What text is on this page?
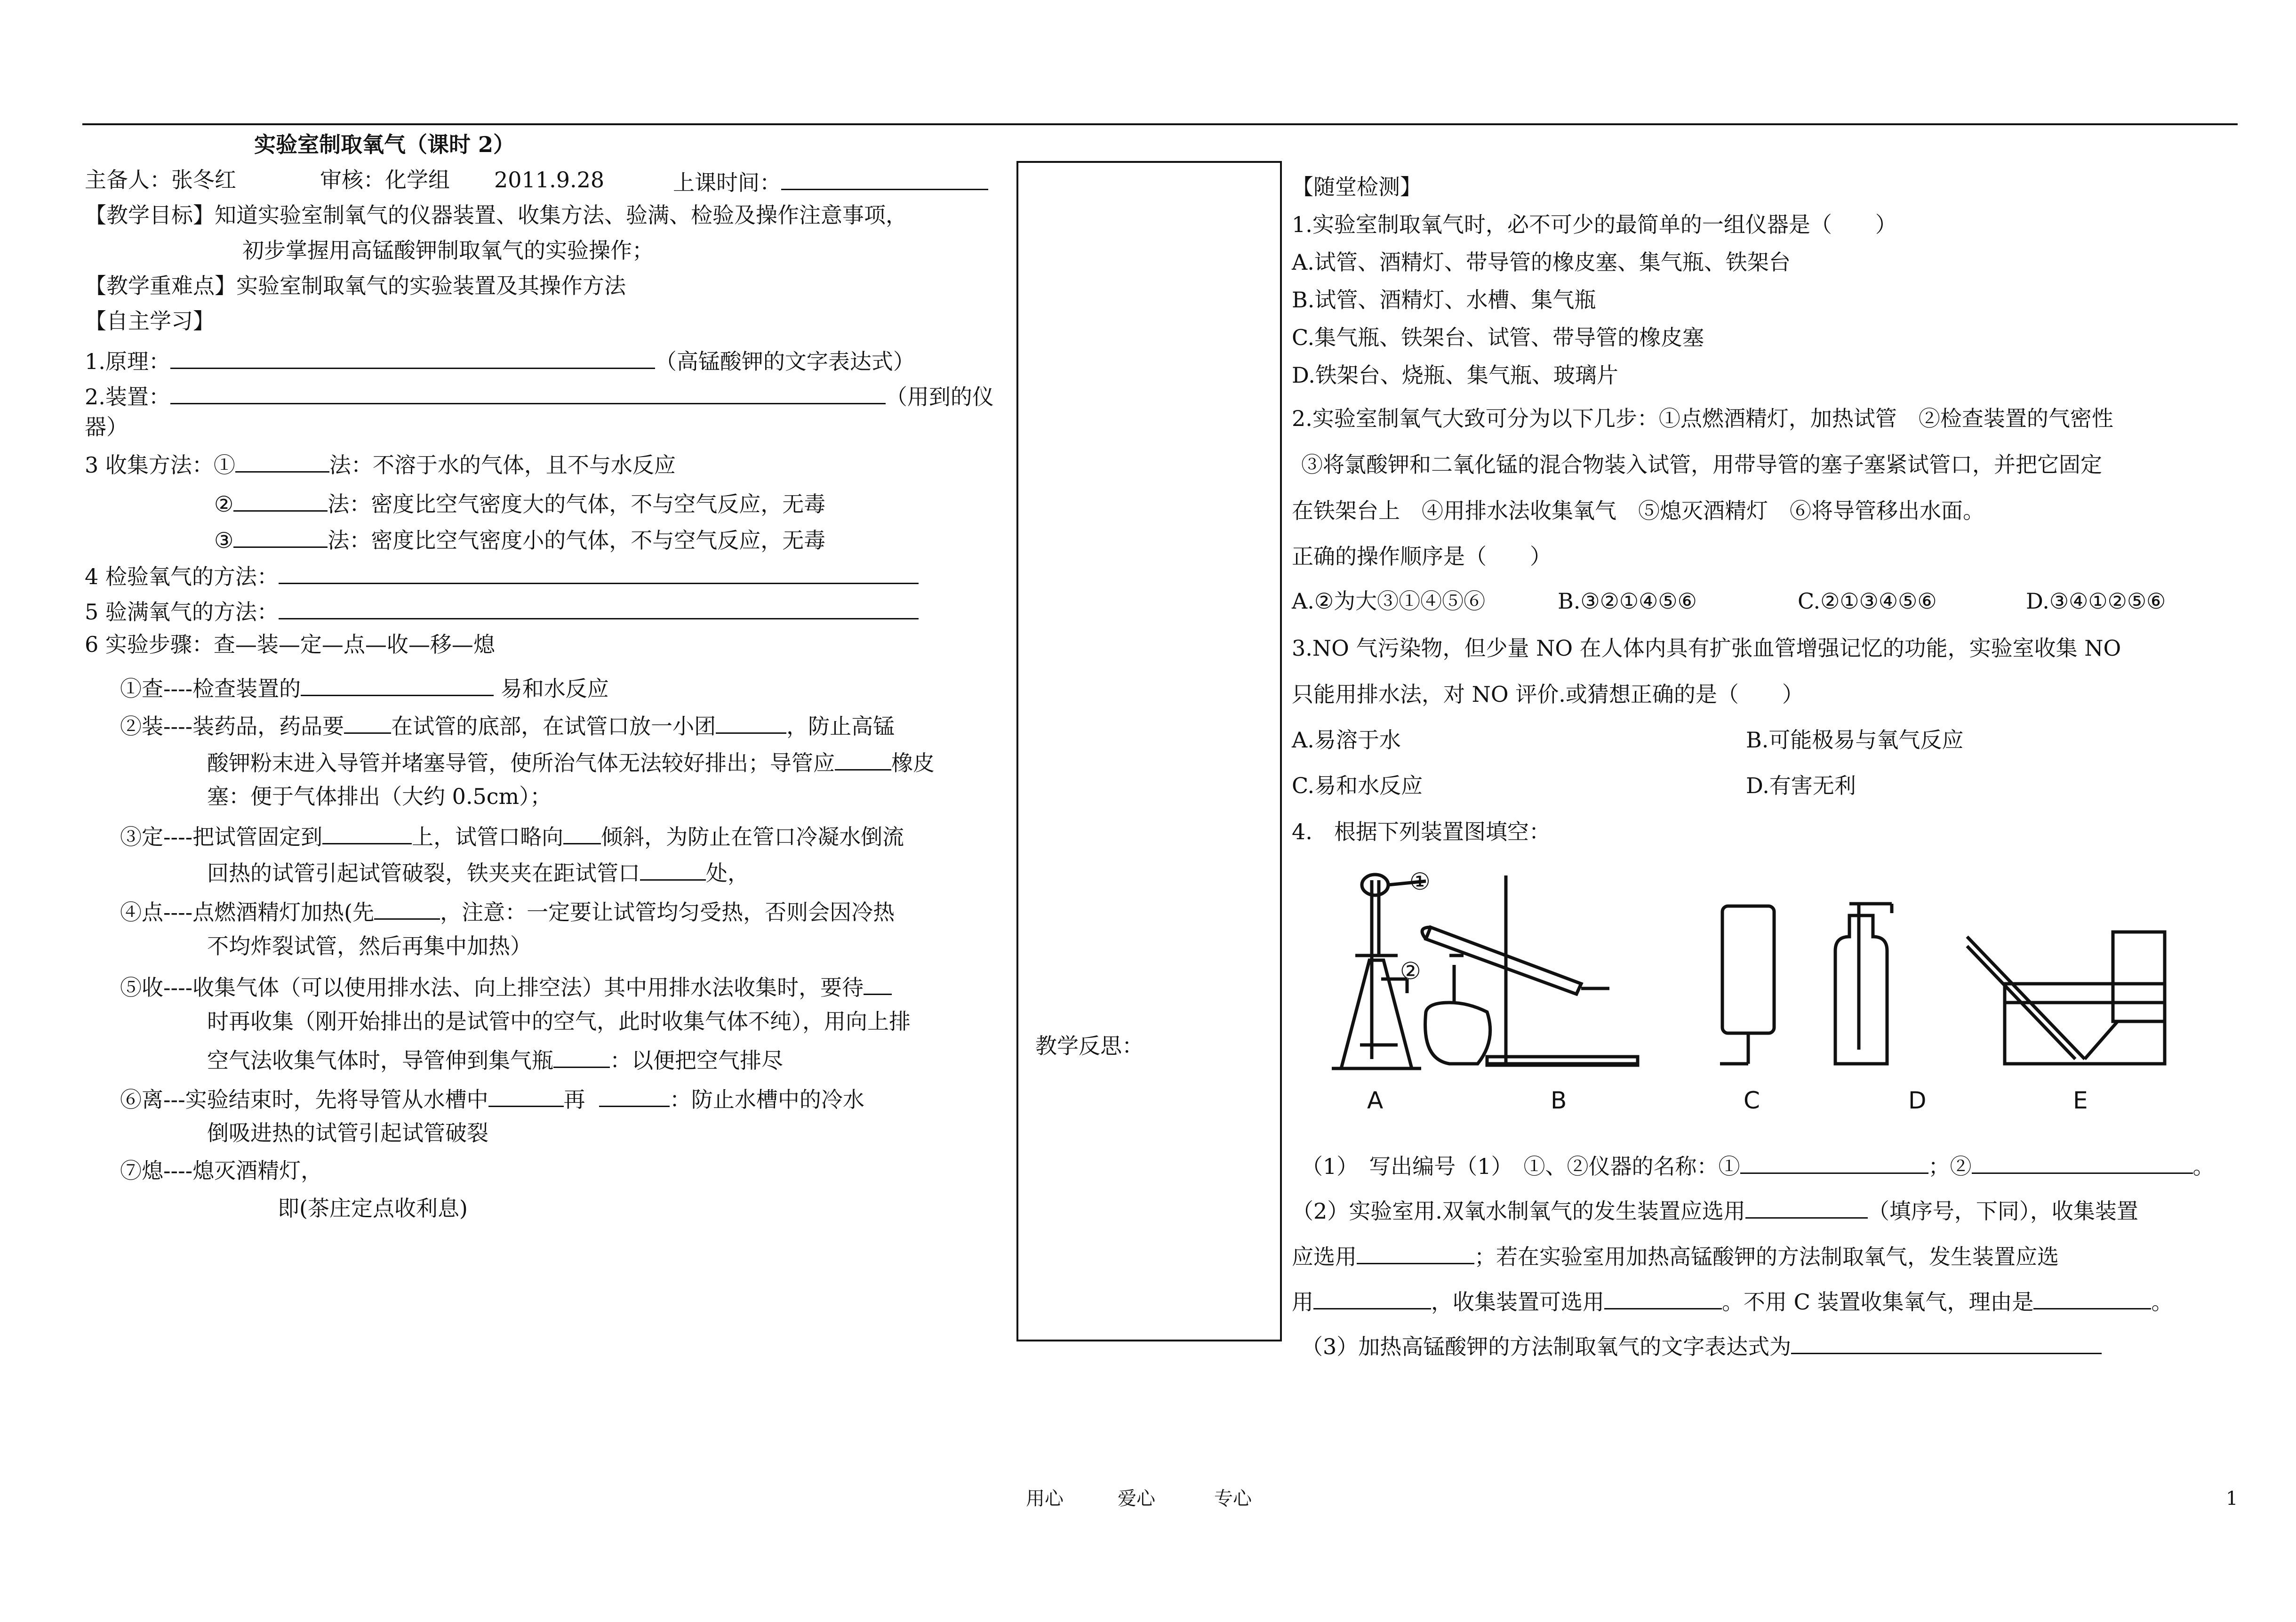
实验室制取氧气（课时 2）
主备人：张冬红	审核：化学组 2011.9.28	上课时间：
【教学目标】知道实验室制氧气的仪器装置、收集方法、验满、检验及操作注意事项，
初步掌握用高锰酸钾制取氧气的实验操作；
【教学重难点】实验室制取氧气的实验装置及其操作方法
【自主学习】
1.原理：	（高锰酸钾的文字表达式）
2.装置：	（用到的仪
器）
3 收集方法：①	法：不溶于水的气体，且不与水反应
②	法：密度比空气密度大的气体，不与空气反应，无毒
③	法：密度比空气密度小的气体，不与空气反应，无毒
4 检验氧气的方法：
5 验满氧气的方法：
6 实验步骤：查—装—定—点—收—移—熄
①查----检查装置的	易和水反应
②装----装药品，药品要 在试管的底部，在试管口放一小团	，防止高锰
酸钾粉末进入导管并堵塞导管，使所治气体无法较好排出；导管应	橡皮
塞：便于气体排出（大约 0.5cm）；
③定----把试管固定到	上，试管口略向 倾斜，为防止在管口冷凝水倒流
回热的试管引起试管破裂，铁夹夹在距试管口	处，
④点----点燃酒精灯加热(先	，注意：一定要让试管均匀受热，否则会因冷热
不均炸裂试管，然后再集中加热）
⑤收----收集气体（可以使用排水法、向上排空法）其中用排水法收集时，要待
时再收集（刚开始排出的是试管中的空气，此时收集气体不纯），用向上排
空气法收集气体时，导管伸到集气瓶	：以便把空气排尽
⑥离---实验结束时，先将导管从水槽中	再	：防止水槽中的冷水
倒吸进热的试管引起试管破裂
⑦熄----熄灭酒精灯，
即(茶庄定点收利息)
教学反思：
【随堂检测】
1.实验室制取氧气时，必不可少的最简单的一组仪器是（　　）
A.试管、酒精灯、带导管的橡皮塞、集气瓶、铁架台
B.试管、酒精灯、水槽、集气瓶
C.集气瓶、铁架台、试管、带导管的橡皮塞
D.铁架台、烧瓶、集气瓶、玻璃片
2.实验室制氧气大致可分为以下几步：①点燃酒精灯，加热试管　②检查装置的气密性
③将氯酸钾和二氧化锰的混合物装入试管，用带导管的塞子塞紧试管口，并把它固定
在铁架台上　④用排水法收集氧气　⑤熄灭酒精灯　⑥将导管移出水面。
正确的操作顺序是（　　）
A.②为大③①④⑤⑥	B.③②①④⑤⑥	C.②①③④⑤⑥	D.③④①②⑤⑥
3.NO 气污染物，但少量 NO 在人体内具有扩张血管增强记忆的功能，实验室收集 NO
只能用排水法，对 NO 评价.或猜想正确的是（　　）
A.易溶于水	B.可能极易与氧气反应
C.易和水反应	D.有害无利
4.　根据下列装置图填空：
①
②
A	B	C	D	E
（1）　写出编号（1）　①、②仪器的名称：①	；②	。
（2）实验室用.双氧水制氧气的发生装置应选用	（填序号，下同），收集装置
应选用	；若在实验室用加热高锰酸钾的方法制取氧气，发生装置应选
用	，收集装置可选用	。不用 C 装置收集氧气，理由是	。
（3）加热高锰酸钾的方法制取氧气的文字表达式为
用心	爱心	专心	1
